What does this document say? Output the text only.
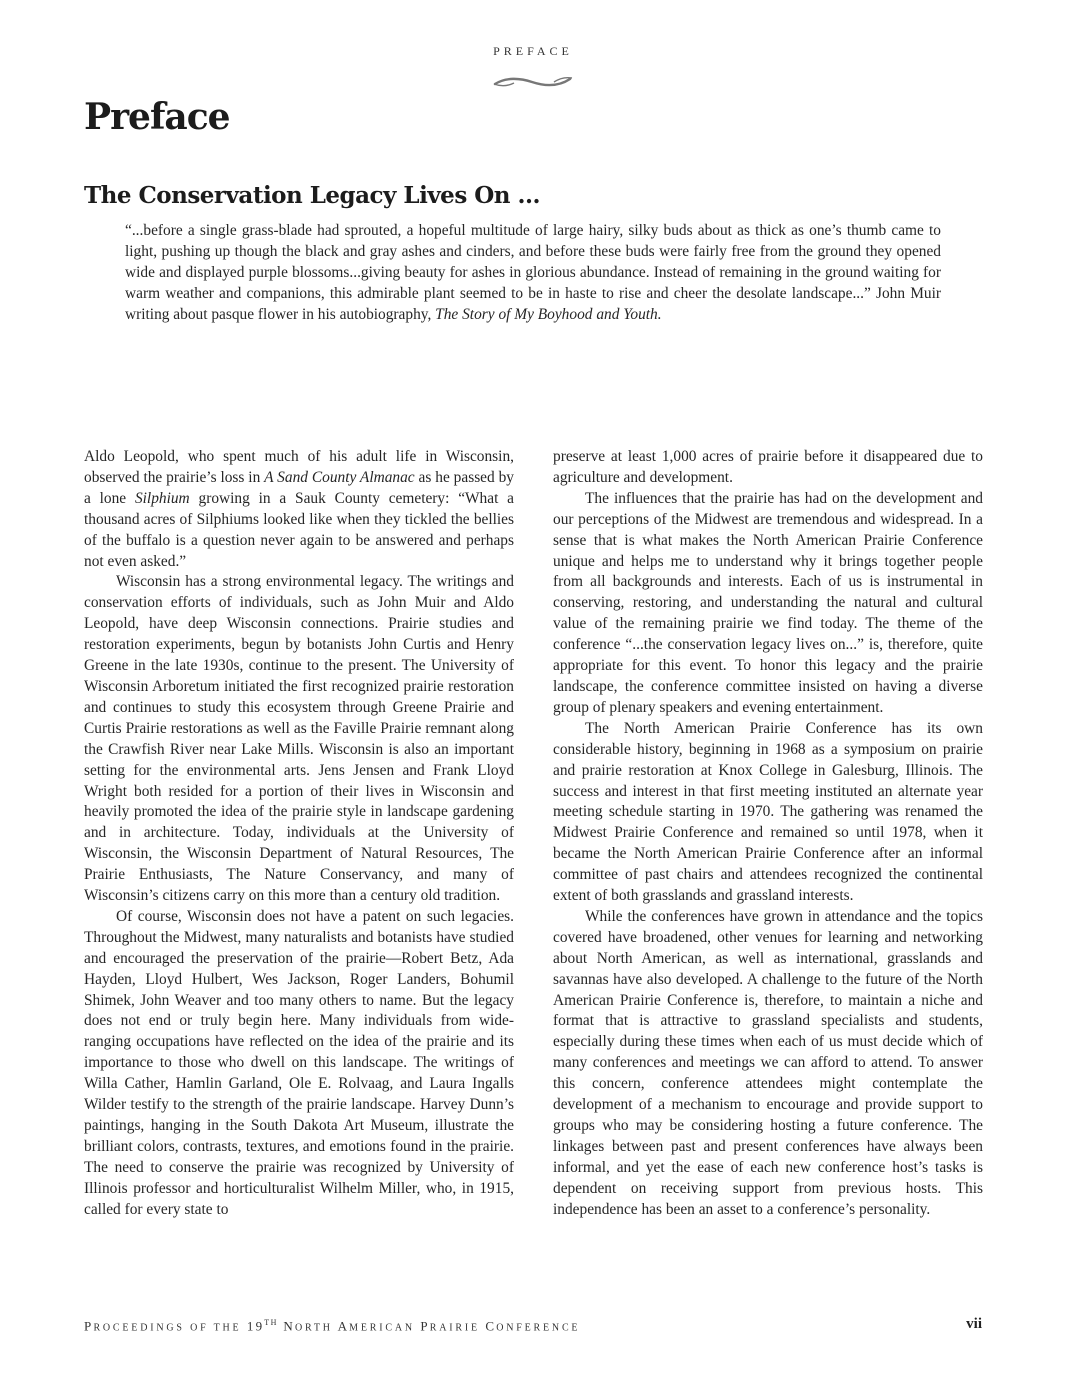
PREFACE
Preface
The Conservation Legacy Lives On ...

“...before a single grass-blade had sprouted, a hopeful multitude of large hairy, silky buds about as thick as one’s thumb came to light, pushing up though the black and gray ashes and cinders, and before these buds were fairly free from the ground they opened wide and displayed purple blossoms...giving beauty for ashes in glorious abundance. Instead of remaining in the ground waiting for warm weather and companions, this admirable plant seemed to be in haste to rise and cheer the desolate landscape...” John Muir writing about pasque flower in his autobiography, The Story of My Boyhood and Youth.

Aldo Leopold, who spent much of his adult life in Wisconsin, observed the prairie’s loss in A Sand County Almanac as he passed by a lone Silphium growing in a Sauk County cemetery: “What a thousand acres of Silphiums looked like when they tickled the bellies of the buffalo is a question never again to be answered and perhaps not even asked.”

Wisconsin has a strong environmental legacy. The writings and conservation efforts of individuals, such as John Muir and Aldo Leopold, have deep Wisconsin connections. Prairie studies and restoration experiments, begun by botanists John Curtis and Henry Greene in the late 1930s, continue to the present. The University of Wisconsin Arboretum initiated the first recognized prairie restoration and continues to study this ecosystem through Greene Prairie and Curtis Prairie restorations as well as the Faville Prairie remnant along the Crawfish River near Lake Mills. Wisconsin is also an important setting for the environmental arts. Jens Jensen and Frank Lloyd Wright both resided for a portion of their lives in Wisconsin and heavily promoted the idea of the prairie style in landscape gardening and in architecture. Today, individuals at the University of Wisconsin, the Wisconsin Department of Natural Resources, The Prairie Enthusiasts, The Nature Conservancy, and many of Wisconsin’s citizens carry on this more than a century old tradition.

Of course, Wisconsin does not have a patent on such legacies. Throughout the Midwest, many naturalists and botanists have studied and encouraged the preservation of the prairie—Robert Betz, Ada Hayden, Lloyd Hulbert, Wes Jackson, Roger Landers, Bohumil Shimek, John Weaver and too many others to name. But the legacy does not end or truly begin here. Many individuals from wide-ranging occupations have reflected on the idea of the prairie and its importance to those who dwell on this landscape. The writings of Willa Cather, Hamlin Garland, Ole E. Rolvaag, and Laura Ingalls Wilder testify to the strength of the prairie landscape. Harvey Dunn’s paintings, hanging in the South Dakota Art Museum, illustrate the brilliant colors, contrasts, textures, and emotions found in the prairie. The need to conserve the prairie was recognized by University of Illinois professor and horticulturalist Wilhelm Miller, who, in 1915, called for every state to

preserve at least 1,000 acres of prairie before it disappeared due to agriculture and development.

The influences that the prairie has had on the development and our perceptions of the Midwest are tremendous and widespread. In a sense that is what makes the North American Prairie Conference unique and helps me to understand why it brings together people from all backgrounds and interests. Each of us is instrumental in conserving, restoring, and understanding the natural and cultural value of the remaining prairie we find today. The theme of the conference “...the conservation legacy lives on...” is, therefore, quite appropriate for this event. To honor this legacy and the prairie landscape, the conference committee insisted on having a diverse group of plenary speakers and evening entertainment.

The North American Prairie Conference has its own considerable history, beginning in 1968 as a symposium on prairie and prairie restoration at Knox College in Galesburg, Illinois. The success and interest in that first meeting instituted an alternate year meeting schedule starting in 1970. The gathering was renamed the Midwest Prairie Conference and remained so until 1978, when it became the North American Prairie Conference after an informal committee of past chairs and attendees recognized the continental extent of both grasslands and grassland interests.

While the conferences have grown in attendance and the topics covered have broadened, other venues for learning and networking about North American, as well as international, grasslands and savannas have also developed. A challenge to the future of the North American Prairie Conference is, therefore, to maintain a niche and format that is attractive to grassland specialists and students, especially during these times when each of us must decide which of many conferences and meetings we can afford to attend. To answer this concern, conference attendees might contemplate the development of a mechanism to encourage and provide support to groups who may be considering hosting a future conference. The linkages between past and present conferences have always been informal, and yet the ease of each new conference host’s tasks is dependent on receiving support from previous hosts. This independence has been an asset to a conference’s personality.

PROCEEDINGS OF THE 19TH NORTH AMERICAN PRAIRIE CONFERENCE	vii
